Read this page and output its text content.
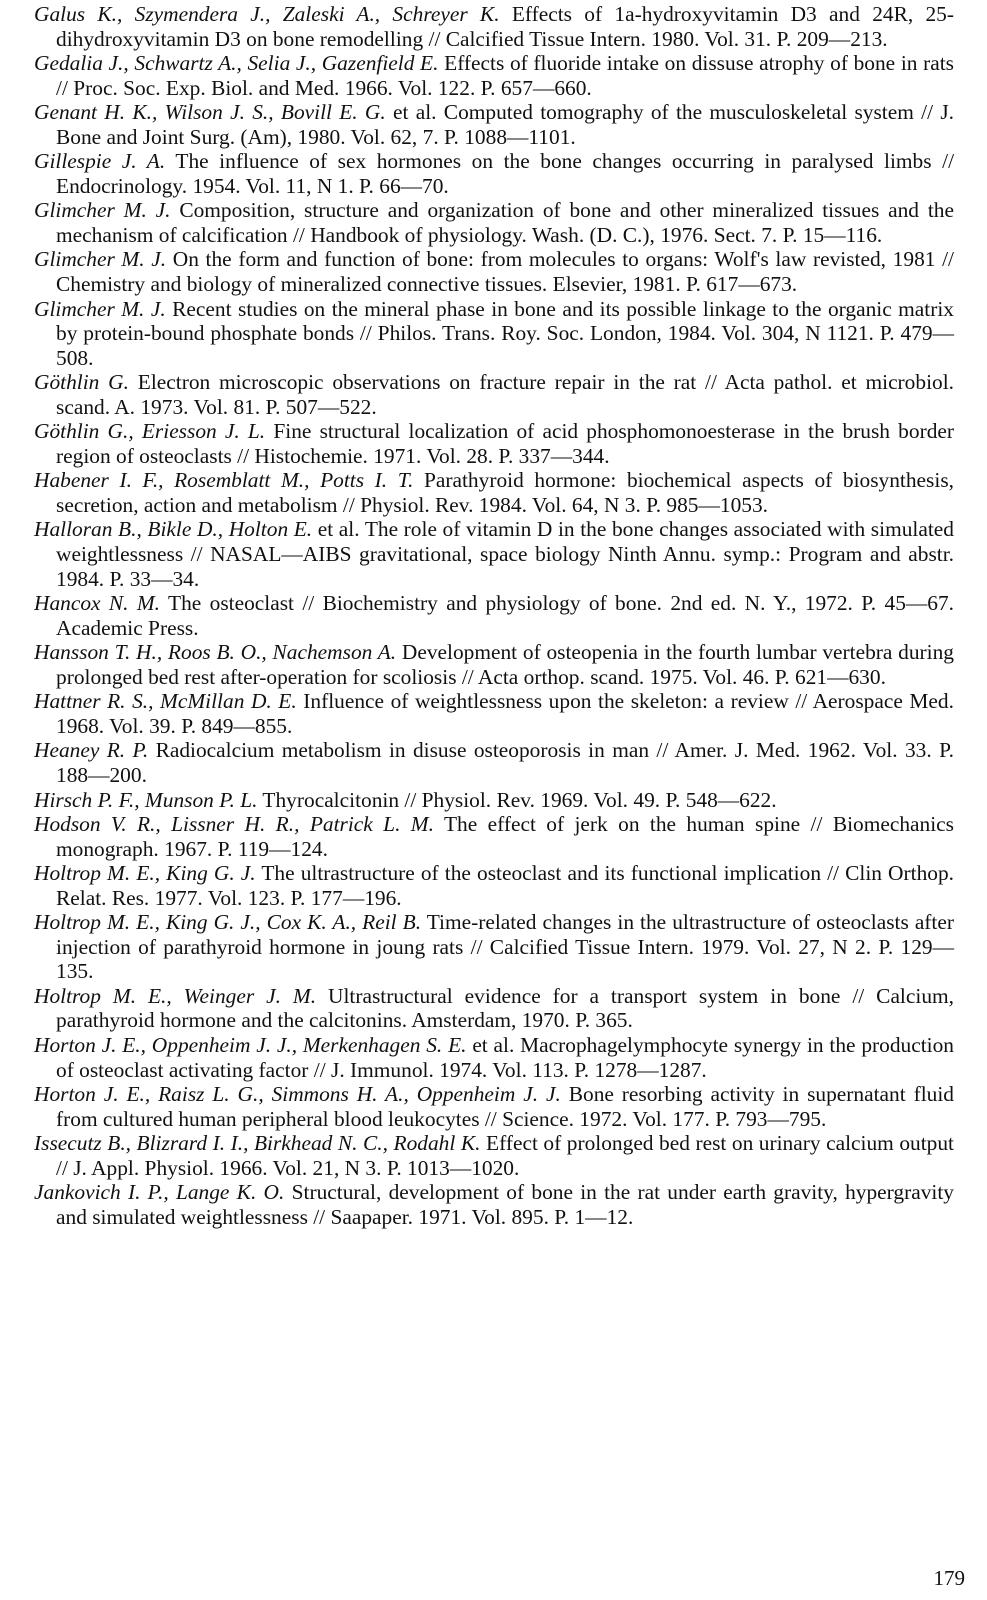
Galus K., Szymendera J., Zaleski A., Schreyer K. Effects of 1a-hydroxyvitamin D3 and 24R, 25-dihydroxyvitamin D3 on bone remodelling // Calcified Tissue Intern. 1980. Vol. 31. P. 209—213.

Gedalia J., Schwartz A., Selia J., Gazenfield E. Effects of fluoride intake on dissuse atrophy of bone in rats // Proc. Soc. Exp. Biol. and Med. 1966. Vol. 122. P. 657—660.

Genant H. K., Wilson J. S., Bovill E. G. et al. Computed tomography of the musculoskeletal system // J. Bone and Joint Surg. (Am), 1980. Vol. 62, 7. P. 1088—1101.

Gillespie J. A. The influence of sex hormones on the bone changes occurring in paralysed limbs // Endocrinology. 1954. Vol. 11, N 1. P. 66—70.

Glimcher M. J. Composition, structure and organization of bone and other mineralized tissues and the mechanism of calcification // Handbook of physiology. Wash. (D. C.), 1976. Sect. 7. P. 15—116.

Glimcher M. J. On the form and function of bone: from molecules to organs: Wolf's law revisted, 1981 // Chemistry and biology of mineralized connective tissues. Elsevier, 1981. P. 617—673.

Glimcher M. J. Recent studies on the mineral phase in bone and its possible linkage to the organic matrix by protein-bound phosphate bonds // Philos. Trans. Roy. Soc. London, 1984. Vol. 304, N 1121. P. 479—508.

Göthlin G. Electron microscopic observations on fracture repair in the rat // Acta pathol. et microbiol. scand. A. 1973. Vol. 81. P. 507—522.

Göthlin G., Eriesson J. L. Fine structural localization of acid phosphomonoesterase in the brush border region of osteoclasts // Histochemie. 1971. Vol. 28. P. 337—344.

Habener I. F., Rosemblatt M., Potts I. T. Parathyroid hormone: biochemical aspects of biosynthesis, secretion, action and metabolism // Physiol. Rev. 1984. Vol. 64, N 3. P. 985—1053.

Halloran B., Bikle D., Holton E. et al. The role of vitamin D in the bone changes associated with simulated weightlessness // NASAL—AIBS gravitational, space biology Ninth Annu. symp.: Program and abstr. 1984. P. 33—34.

Hancox N. M. The osteoclast // Biochemistry and physiology of bone. 2nd ed. N. Y., 1972. P. 45—67. Academic Press.

Hansson T. H., Roos B. O., Nachemson A. Development of osteopenia in the fourth lumbar vertebra during prolonged bed rest after-operation for scoliosis // Acta orthop. scand. 1975. Vol. 46. P. 621—630.

Hattner R. S., McMillan D. E. Influence of weightlessness upon the skeleton: a review // Aerospace Med. 1968. Vol. 39. P. 849—855.

Heaney R. P. Radiocalcium metabolism in disuse osteoporosis in man // Amer. J. Med. 1962. Vol. 33. P. 188—200.

Hirsch P. F., Munson P. L. Thyrocalcitonin // Physiol. Rev. 1969. Vol. 49. P. 548—622.

Hodson V. R., Lissner H. R., Patrick L. M. The effect of jerk on the human spine // Biomechanics monograph. 1967. P. 119—124.

Holtrop M. E., King G. J. The ultrastructure of the osteoclast and its functional implication // Clin Orthop. Relat. Res. 1977. Vol. 123. P. 177—196.

Holtrop M. E., King G. J., Cox K. A., Reil B. Time-related changes in the ultrastructure of osteoclasts after injection of parathyroid hormone in joung rats // Calcified Tissue Intern. 1979. Vol. 27, N 2. P. 129—135.

Holtrop M. E., Weinger J. M. Ultrastructural evidence for a transport system in bone // Calcium, parathyroid hormone and the calcitonins. Amsterdam, 1970. P. 365.

Horton J. E., Oppenheim J. J., Merkenhagen S. E. et al. Macrophagelymphocyte synergy in the production of osteoclast activating factor // J. Immunol. 1974. Vol. 113. P. 1278—1287.

Horton J. E., Raisz L. G., Simmons H. A., Oppenheim J. J. Bone resorbing activity in supernatant fluid from cultured human peripheral blood leukocytes // Science. 1972. Vol. 177. P. 793—795.

Issecutz B., Blizrard I. I., Birkhead N. C., Rodahl K. Effect of prolonged bed rest on urinary calcium output // J. Appl. Physiol. 1966. Vol. 21, N 3. P. 1013—1020.

Jankovich I. P., Lange K. O. Structural, development of bone in the rat under earth gravity, hypergravity and simulated weightlessness // Saapaper. 1971. Vol. 895. P. 1—12.

179
